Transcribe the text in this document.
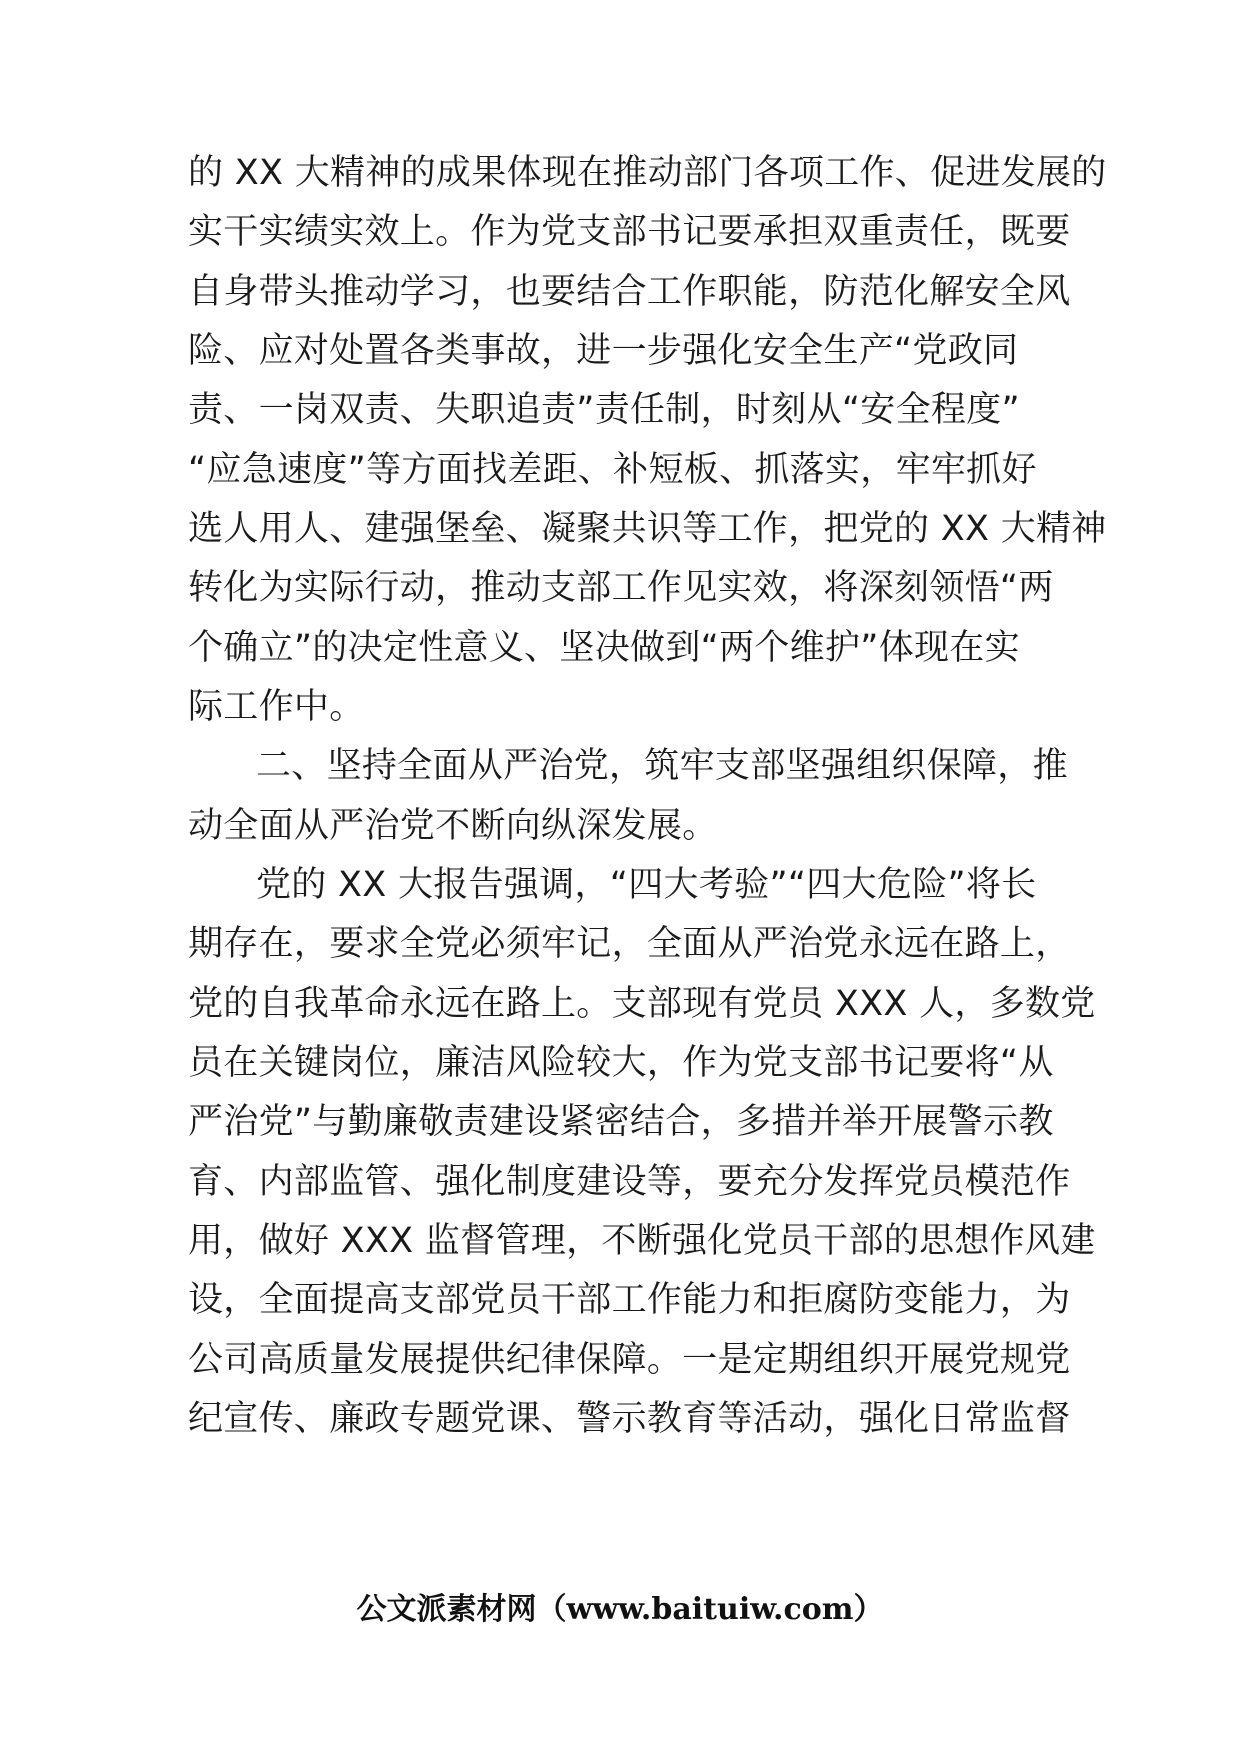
的 XX 大精神的成果体现在推动部门各项工作、促进发展的
实干实绩实效上。作为党支部书记要承担双重责任，既要
自身带头推动学习，也要结合工作职能，防范化解安全风
险、应对处置各类事故，进一步强化安全生产“党政同
责、一岗双责、失职追责”责任制，时刻从“安全程度”
“应急速度”等方面找差距、补短板、抓落实，牢牢抓好
选人用人、建强堡垒、凝聚共识等工作，把党的 XX 大精神
转化为实际行动，推动支部工作见实效，将深刻领悟“两
个确立”的决定性意义、坚决做到“两个维护”体现在实
际工作中。
二、坚持全面从严治党，筑牢支部坚强组织保障，推
动全面从严治党不断向纵深发展。
党的 XX 大报告强调，“四大考验”“四大危险”将长
期存在，要求全党必须牢记，全面从严治党永远在路上，
党的自我革命永远在路上。支部现有党员 XXX 人，多数党
员在关键岗位，廉洁风险较大，作为党支部书记要将“从
严治党”与勤廉敬责建设紧密结合，多措并举开展警示教
育、内部监管、强化制度建设等，要充分发挥党员模范作
用，做好 XXX 监督管理，不断强化党员干部的思想作风建
设，全面提高支部党员干部工作能力和拒腐防变能力，为
公司高质量发展提供纪律保障。一是定期组织开展党规党
纪宣传、廉政专题党课、警示教育等活动，强化日常监督
公文派素材网（www.baituiw.com）
